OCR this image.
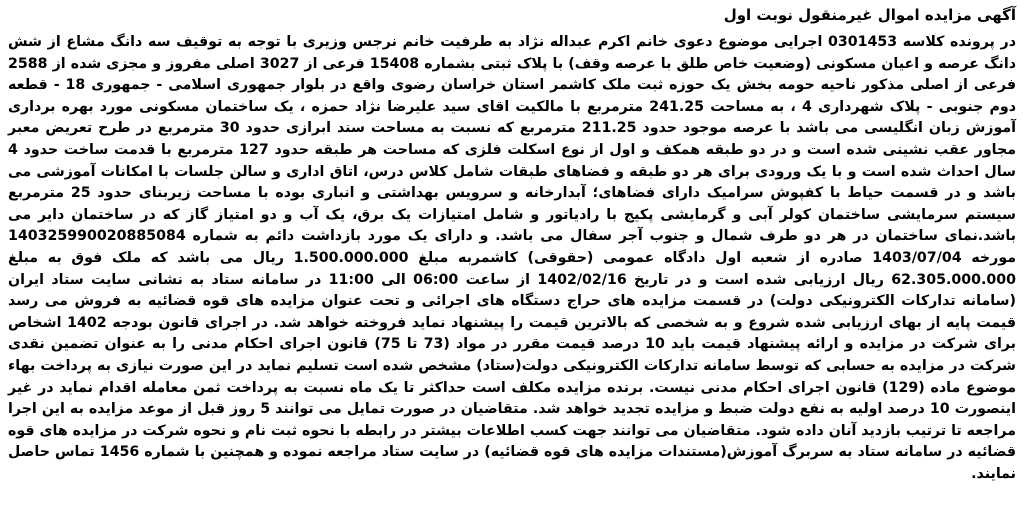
آگهی مزایده اموال غیرمنقول نوبت اول
در پرونده کلاسه 0301453 اجرایی موضوع دعوی خانم اکرم عبداله نژاد به طرفیت خانم نرجس وزیری با توجه به توقیف سه دانگ مشاع از شش دانگ عرصه و اعیان مسکونی (وضعیت خاص طلق با عرصه وقف) با پلاک ثبتی بشماره 15408 فرعی از 3027 اصلی مفروز و مجزی شده از 2588 فرعی از اصلی مذکور ناحیه حومه بخش یک حوزه ثبت ملک کاشمر استان خراسان رضوی واقع در بلوار جمهوری اسلامی - جمهوری 18 - قطعه دوم جنوبی - پلاک شهرداری 4 ، به مساحت 241.25 مترمربع با مالکیت اقای سید علیرضا نژاد حمزه ، یک ساختمان مسکونی مورد بهره برداری آموزش زبان انگلیسی می باشد با عرصه موجود حدود 211.25 مترمربع که نسبت به مساحت سند ابرازی حدود 30 مترمربع در طرح تعریض معبر مجاور عقب نشینی شده است و در دو طبقه همکف و اول از نوع اسکلت فلزی که مساحت هر طبقه حدود 127 مترمربع با قدمت ساخت حدود 4 سال احداث شده است و با یک ورودی برای هر دو طبقه و فضاهای طبقات شامل کلاس درس، اتاق اداری و سالن جلسات با امکانات آموزشی می باشد و در قسمت حیاط با کفپوش سرامیک دارای فضاهای؛ آبدارخانه و سرویس بهداشتی و انباری بوده با مساحت زیربنای حدود 25 مترمربع سیستم سرمایشی ساختمان کولر آبی و گرمایشی پکیج با رادیاتور و شامل امتیازات یک برق، یک آب و دو امتیاز گاز که در ساختمان دایر می باشد.نمای ساختمان در هر دو طرف شمال و جنوب آجر سفال می باشد. و دارای یک مورد بازداشت دائم به شماره 140325990020885084 مورخه 1403/07/04 صادره از شعبه اول دادگاه عمومی (حقوقی) کاشمربه مبلغ 1.500.000.000 ریال می باشد که ملک فوق به مبلغ 62.305.000.000 ریال ارزیابی شده است و در تاریخ 1402/02/16 از ساعت 06:00 الی 11:00 در سامانه ستاد به نشانی سایت ستاد ایران (سامانه تدارکات الکترونیکی دولت) در قسمت مزایده های حراج دستگاه های اجرائی و تحت عنوان مزایده های قوه قضائیه به فروش می رسد قیمت پایه از بهای ارزیابی شده شروع و به شخصی که بالاترین قیمت را پیشنهاد نماید فروخته خواهد شد. در اجرای قانون بودجه 1402 اشخاص برای شرکت در مزایده و ارائه پیشنهاد قیمت باید 10 درصد قیمت مقرر در مواد (73 تا 75) قانون اجرای احکام مدنی را به عنوان تضمین نقدی شرکت در مزایده به حسابی که توسط سامانه تدارکات الکترونیکی دولت(ستاد) مشخص شده است تسلیم نماید در این صورت نیازی به پرداخت بهاء موضوع ماده (129) قانون اجرای احکام مدنی نیست. برنده مزایده مکلف است حداکثر تا یک ماه نسبت به پرداخت ثمن معامله اقدام نماید در غیر اینصورت 10 درصد اولیه به نفع دولت ضبط و مزایده تجدید خواهد شد. متقاضیان در صورت تمایل می توانند 5 روز قبل از موعد مزایده به این اجرا مراجعه تا ترتیب بازدید آنان داده شود. متقاضیان می توانند جهت کسب اطلاعات بیشتر در رابطه با نحوه ثبت نام و نحوه شرکت در مزایده های قوه قضائیه در سامانه ستاد به سربرگ آموزش(مستندات مزایده های قوه قضائیه) در سایت ستاد مراجعه نموده و همچنین با شماره 1456 تماس حاصل نمایند.
